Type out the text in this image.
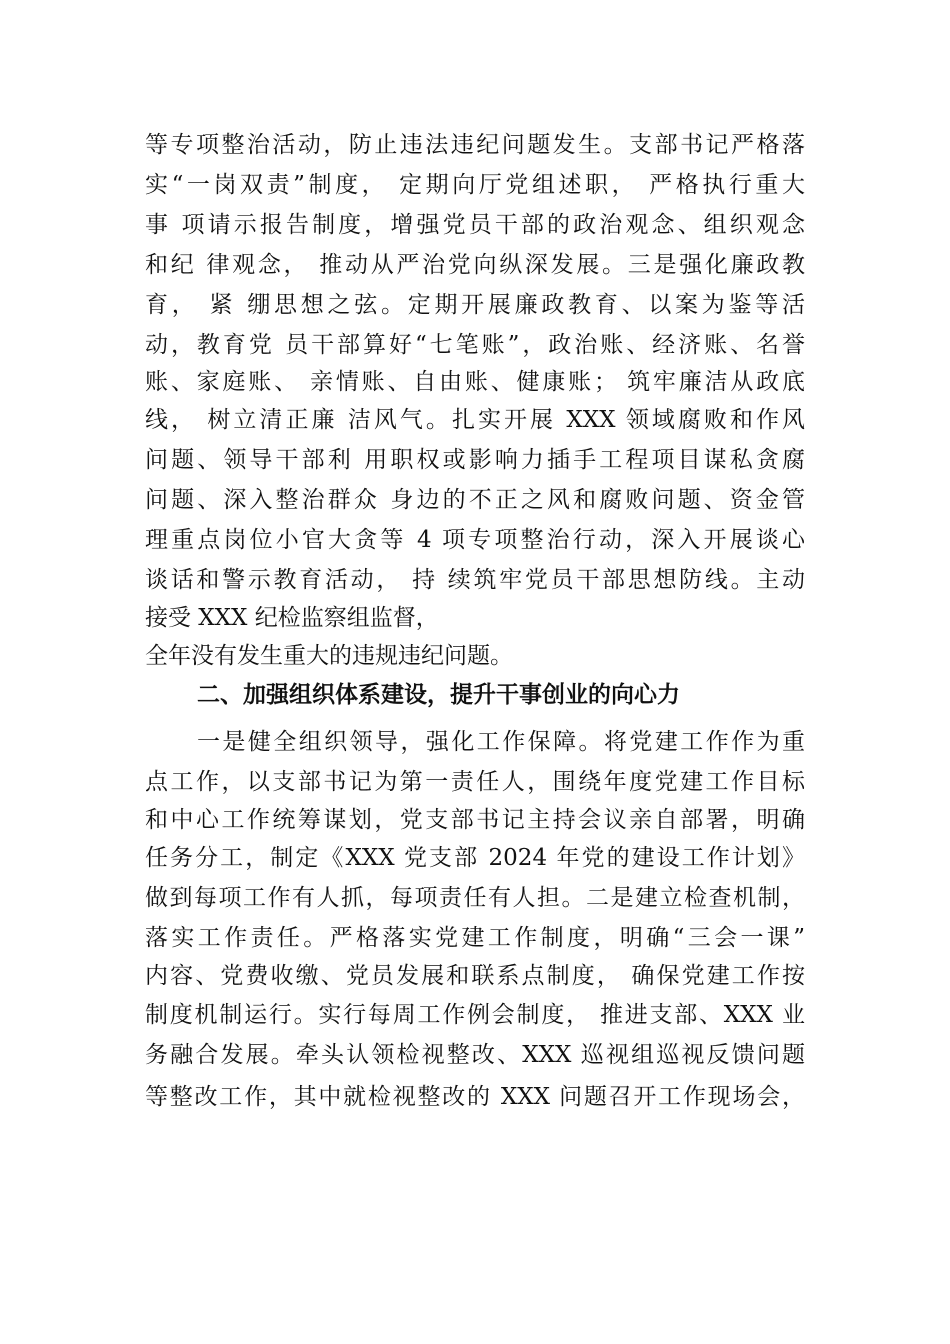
等专项整治活动，防止违法违纪问题发生。支部书记严格落
实“一岗双责”制度， 定期向厅党组述职， 严格执行重大
事 项请示报告制度，增强党员干部的政治观念、组织观念
和纪 律观念， 推动从严治党向纵深发展。三是强化廉政教
育， 紧 绷思想之弦。定期开展廉政教育、以案为鉴等活
动，教育党 员干部算好“七笔账”，政治账、经济账、名誉
账、家庭账、 亲情账、自由账、健康账； 筑牢廉洁从政底
线， 树立清正廉 洁风气。扎实开展 XXX 领域腐败和作风
问题、领导干部利 用职权或影响力插手工程项目谋私贪腐
问题、深入整治群众 身边的不正之风和腐败问题、资金管
理重点岗位小官大贪等 4 项专项整治行动，深入开展谈心
谈话和警示教育活动， 持 续筑牢党员干部思想防线。主动
接受 XXX 纪检监察组监督，
全年没有发生重大的违规违纪问题。
二、加强组织体系建设，提升干事创业的向心力
一是健全组织领导，强化工作保障。将党建工作作为重
点工作，以支部书记为第一责任人，围绕年度党建工作目标
和中心工作统筹谋划，党支部书记主持会议亲自部署，明确
任务分工，制定《XXX 党支部 2024 年党的建设工作计划》
做到每项工作有人抓，每项责任有人担。二是建立检查机制，
落实工作责任。严格落实党建工作制度，明确“三会一课”
内容、党费收缴、党员发展和联系点制度， 确保党建工作按
制度机制运行。实行每周工作例会制度， 推进支部、XXX 业
务融合发展。牵头认领检视整改、XXX 巡视组巡视反馈问题
等整改工作，其中就检视整改的 XXX 问题召开工作现场会，
